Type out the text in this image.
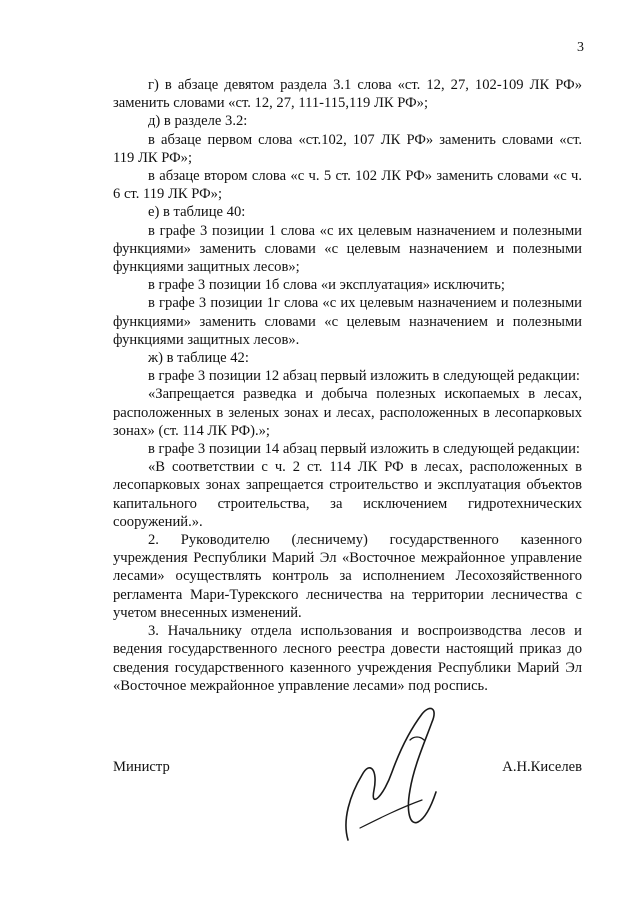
3

г) в абзаце девятом раздела 3.1 слова «ст. 12, 27, 102-109 ЛК РФ» заменить словами «ст. 12, 27, 111-115,119 ЛК РФ»;

д) в разделе 3.2:

в абзаце первом слова «ст.102, 107 ЛК РФ» заменить словами «ст. 119 ЛК РФ»;

в абзаце втором слова «с ч. 5 ст. 102 ЛК РФ» заменить словами «с ч. 6 ст. 119 ЛК РФ»;

е) в таблице 40:

в графе 3 позиции 1 слова «с их целевым назначением и полезными функциями» заменить словами «с целевым назначением и полезными функциями защитных лесов»;

в графе 3 позиции 1б слова «и эксплуатация» исключить;

в графе 3 позиции 1г слова «с их целевым назначением и полезными функциями» заменить словами «с целевым назначением и полезными функциями защитных лесов».

ж) в таблице 42:

в графе 3 позиции 12 абзац первый изложить в следующей редакции:

«Запрещается разведка и добыча полезных ископаемых в лесах, расположенных в зеленых зонах и лесах, расположенных в лесопарковых зонах» (ст. 114 ЛК РФ).»;

в графе 3 позиции 14 абзац первый изложить в следующей редакции:

«В соответствии с ч. 2 ст. 114 ЛК РФ в лесах, расположенных в лесопарковых зонах запрещается строительство и эксплуатация объектов капитального строительства, за исключением гидротехнических сооружений.».

2. Руководителю (лесничему) государственного казенного учреждения Республики Марий Эл «Восточное межрайонное управление лесами» осуществлять контроль за исполнением Лесохозяйственного регламента Мари-Турекского лесничества на территории лесничества с учетом внесенных изменений.

3. Начальнику отдела использования и воспроизводства лесов и ведения государственного лесного реестра довести настоящий приказ до сведения государственного казенного учреждения Республики Марий Эл «Восточное межрайонное управление лесами» под роспись.

Министр	А.Н.Киселев
